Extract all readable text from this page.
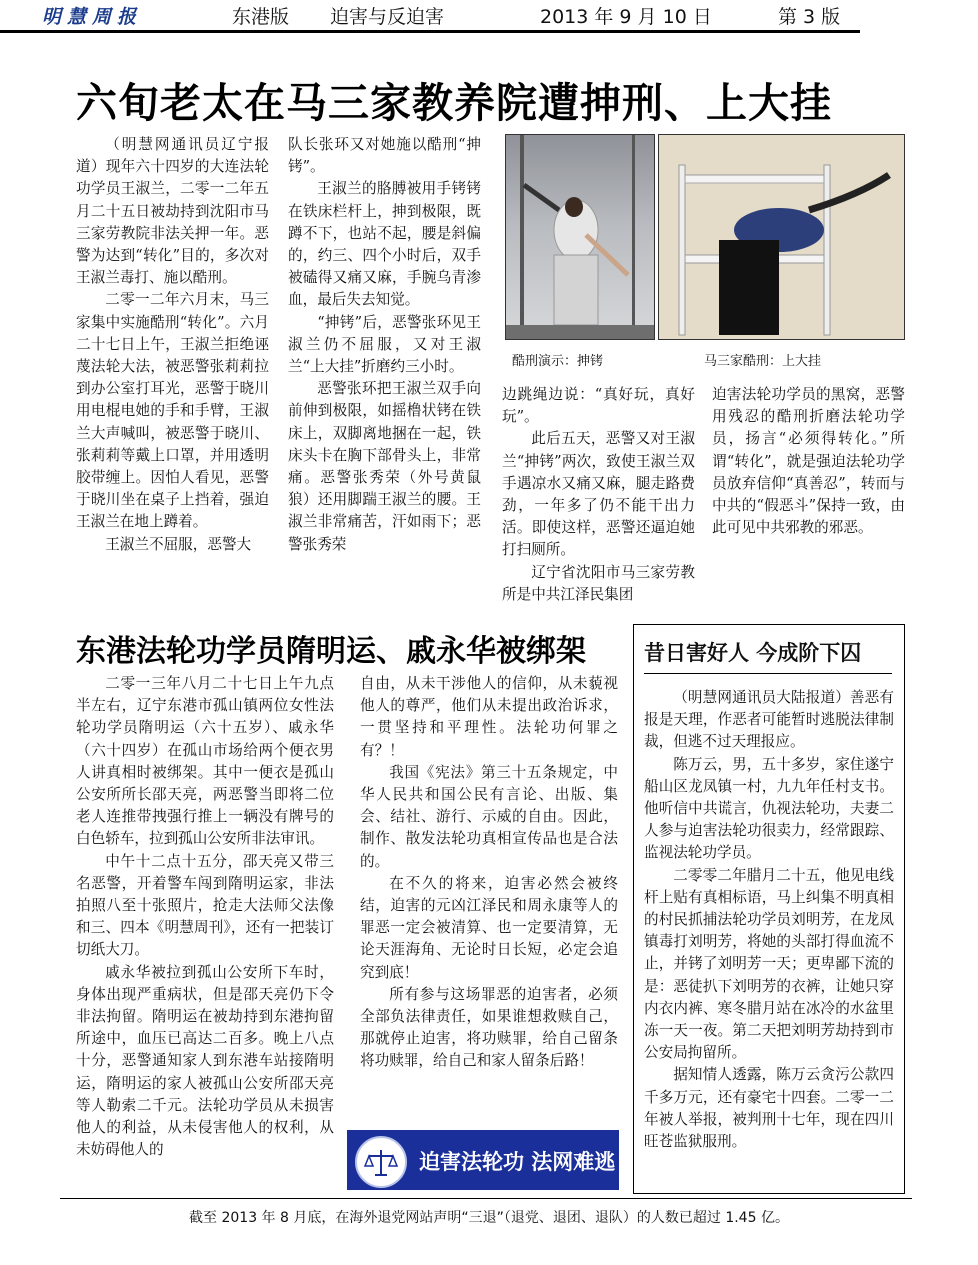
明慧周报	东港版 迫害与反迫害	2013 年 9 月 10 日	第 3 版
六旬老太在马三家教养院遭抻刑、上大挂

（明慧网通讯员辽宁报道）现年六十四岁的大连法轮功学员王淑兰，二零一二年五月二十五日被劫持到沈阳市马三家劳教院非法关押一年。恶警为达到“转化”目的，多次对王淑兰毒打、施以酷刑。

二零一二年六月末，马三家集中实施酷刑“转化”。六月二十七日上午，王淑兰拒绝诬蔑法轮大法，被恶警张莉莉拉到办公室打耳光，恶警于晓川用电棍电她的手和手臂，王淑兰大声喊叫，被恶警于晓川、张莉莉等戴上口罩，并用透明胶带缠上。因怕人看见，恶警于晓川坐在桌子上挡着，强迫王淑兰在地上蹲着。

王淑兰不屈服，恶警大

队长张环又对她施以酷刑“抻铐”。

王淑兰的胳膊被用手铐铐在铁床栏杆上，抻到极限，既蹲不下，也站不起，腰是斜偏的，约三、四个小时后，双手被磕得又痛又麻，手腕乌青渗血，最后失去知觉。

“抻铐”后，恶警张环见王淑兰仍不屈服，又对王淑兰“上大挂”折磨约三小时。

恶警张环把王淑兰双手向前伸到极限，如摇橹状铐在铁床上，双脚离地捆在一起，铁床头卡在胸下部骨头上，非常痛。恶警张秀荣（外号黄鼠狼）还用脚踹王淑兰的腰。王淑兰非常痛苦，汗如雨下；恶警张秀荣

酷刑演示：抻铐	马三家酷刑：上大挂

边跳绳边说：“真好玩，真好玩”。

此后五天，恶警又对王淑兰“抻铐”两次，致使王淑兰双手遇凉水又痛又麻，腿走路费劲，一年多了仍不能干出力活。即使这样，恶警还逼迫她打扫厕所。

辽宁省沈阳市马三家劳教所是中共江泽民集团

迫害法轮功学员的黑窝，恶警用残忍的酷刑折磨法轮功学员，扬言“必须得转化。”所谓“转化”，就是强迫法轮功学员放弃信仰“真善忍”，转而与中共的“假恶斗”保持一致，由此可见中共邪教的邪恶。

东港法轮功学员隋明运、戚永华被绑架

二零一三年八月二十七日上午九点半左右，辽宁东港市孤山镇两位女性法轮功学员隋明运（六十五岁）、戚永华（六十四岁）在孤山市场给两个便衣男人讲真相时被绑架。其中一便衣是孤山公安所所长邵天亮，两恶警当即将二位老人连推带拽强行推上一辆没有牌号的白色轿车，拉到孤山公安所非法审讯。

中午十二点十五分，邵天亮又带三名恶警，开着警车闯到隋明运家，非法拍照八至十张照片，抢走大法师父法像和三、四本《明慧周刊》，还有一把装订切纸大刀。

戚永华被拉到孤山公安所下车时，身体出现严重病状，但是邵天亮仍下令非法拘留。隋明运在被劫持到东港拘留所途中，血压已高达二百多。晚上八点十分，恶警通知家人到东港车站接隋明运，隋明运的家人被孤山公安所邵天亮等人勒索二千元。法轮功学员从未损害他人的利益，从未侵害他人的权利，从未妨碍他人的

自由，从未干涉他人的信仰，从未藐视他人的尊严，他们从未提出政治诉求，一贯坚持和平理性。法轮功何罪之有？！

我国《宪法》第三十五条规定，中华人民共和国公民有言论、出版、集会、结社、游行、示威的自由。因此，制作、散发法轮功真相宣传品也是合法的。

在不久的将来，迫害必然会被终结，迫害的元凶江泽民和周永康等人的罪恶一定会被清算、也一定要清算，无论天涯海角、无论时日长短，必定会追究到底！

所有参与这场罪恶的迫害者，必须全部负法律责任，如果谁想救赎自己，那就停止迫害，将功赎罪，给自己留条将功赎罪，给自己和家人留条后路！

迫害法轮功 法网难逃
昔日害好人 今成阶下囚

（明慧网通讯员大陆报道）善恶有报是天理，作恶者可能暂时逃脱法律制裁，但逃不过天理报应。

陈万云，男，五十多岁，家住遂宁船山区龙凤镇一村，九九年任村支书。他听信中共谎言，仇视法轮功，夫妻二人参与迫害法轮功很卖力，经常跟踪、监视法轮功学员。

二零零二年腊月二十五，他见电线杆上贴有真相标语，马上纠集不明真相的村民抓捕法轮功学员刘明芳，在龙凤镇毒打刘明芳，将她的头部打得血流不止，并铐了刘明芳一天；更卑鄙下流的是：恶徒扒下刘明芳的衣裤，让她只穿内衣内裤、寒冬腊月站在冰冷的水盆里冻一天一夜。第二天把刘明芳劫持到市公安局拘留所。

据知情人透露，陈万云贪污公款四千多万元，还有豪宅十四套。二零一二年被人举报，被判刑十七年，现在四川旺苍监狱服刑。

截至 2013 年 8 月底，在海外退党网站声明“三退”（退党、退团、退队）的人数已超过 1.45 亿。
